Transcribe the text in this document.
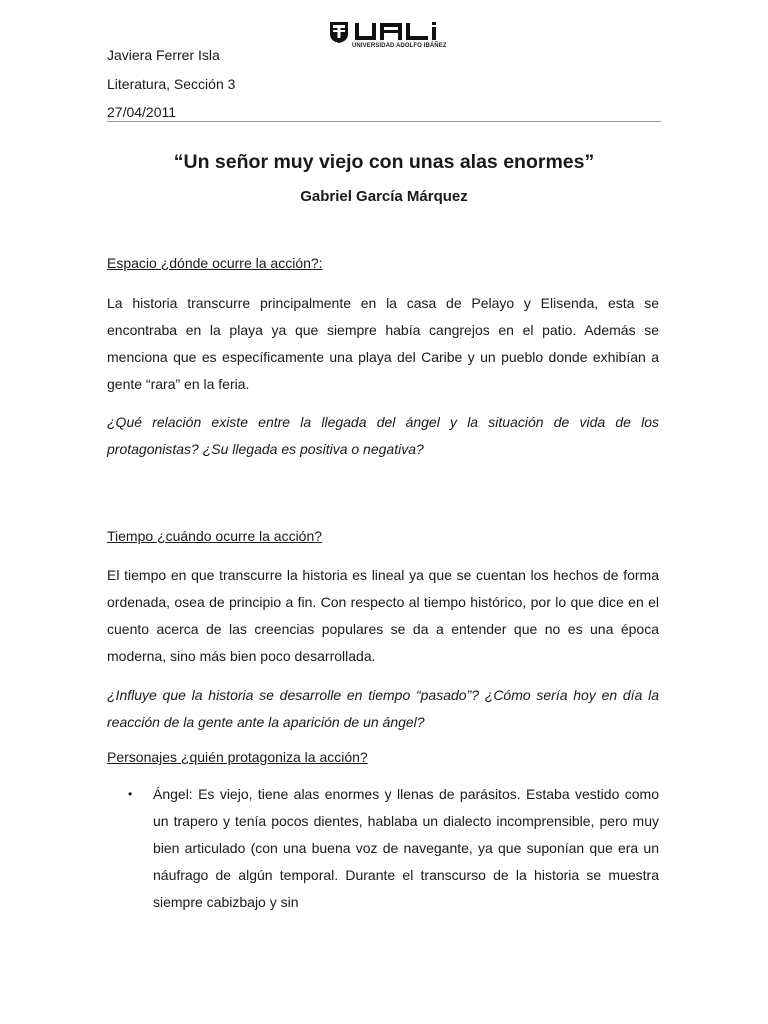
UNIVERSIDAD ADOLFO IBÁÑEZ
Javiera Ferrer Isla
Literatura, Sección 3
27/04/2011
“Un señor muy viejo con unas alas enormes”
Gabriel García Márquez

Espacio ¿dónde ocurre la acción?:

La historia transcurre principalmente en la casa de Pelayo y Elisenda, esta se encontraba en la playa ya que siempre había cangrejos en el patio. Además se menciona que es específicamente una playa del Caribe y un pueblo donde exhibían a gente “rara” en la feria.

¿Qué relación existe entre la llegada del ángel y la situación de vida de los protagonistas? ¿Su llegada es positiva o negativa?

Tiempo ¿cuándo ocurre la acción?

El tiempo en que transcurre la historia es lineal ya que se cuentan los hechos de forma ordenada, osea de principio a fin. Con respecto al tiempo histórico, por lo que dice en el cuento acerca de las creencias populares se da a entender que no es una época moderna, sino más bien poco desarrollada.

¿Influye que la historia se desarrolle en tiempo “pasado”? ¿Cómo sería hoy en día la reacción de la gente ante la aparición de un ángel?

Personajes ¿quién protagoniza la acción?

• Ángel: Es viejo, tiene alas enormes y llenas de parásitos. Estaba vestido como un trapero y tenía pocos dientes, hablaba un dialecto incomprensible, pero muy bien articulado (con una buena voz de navegante, ya que suponían que era un náufrago de algún temporal. Durante el transcurso de la historia se muestra siempre cabizbajo y sin
